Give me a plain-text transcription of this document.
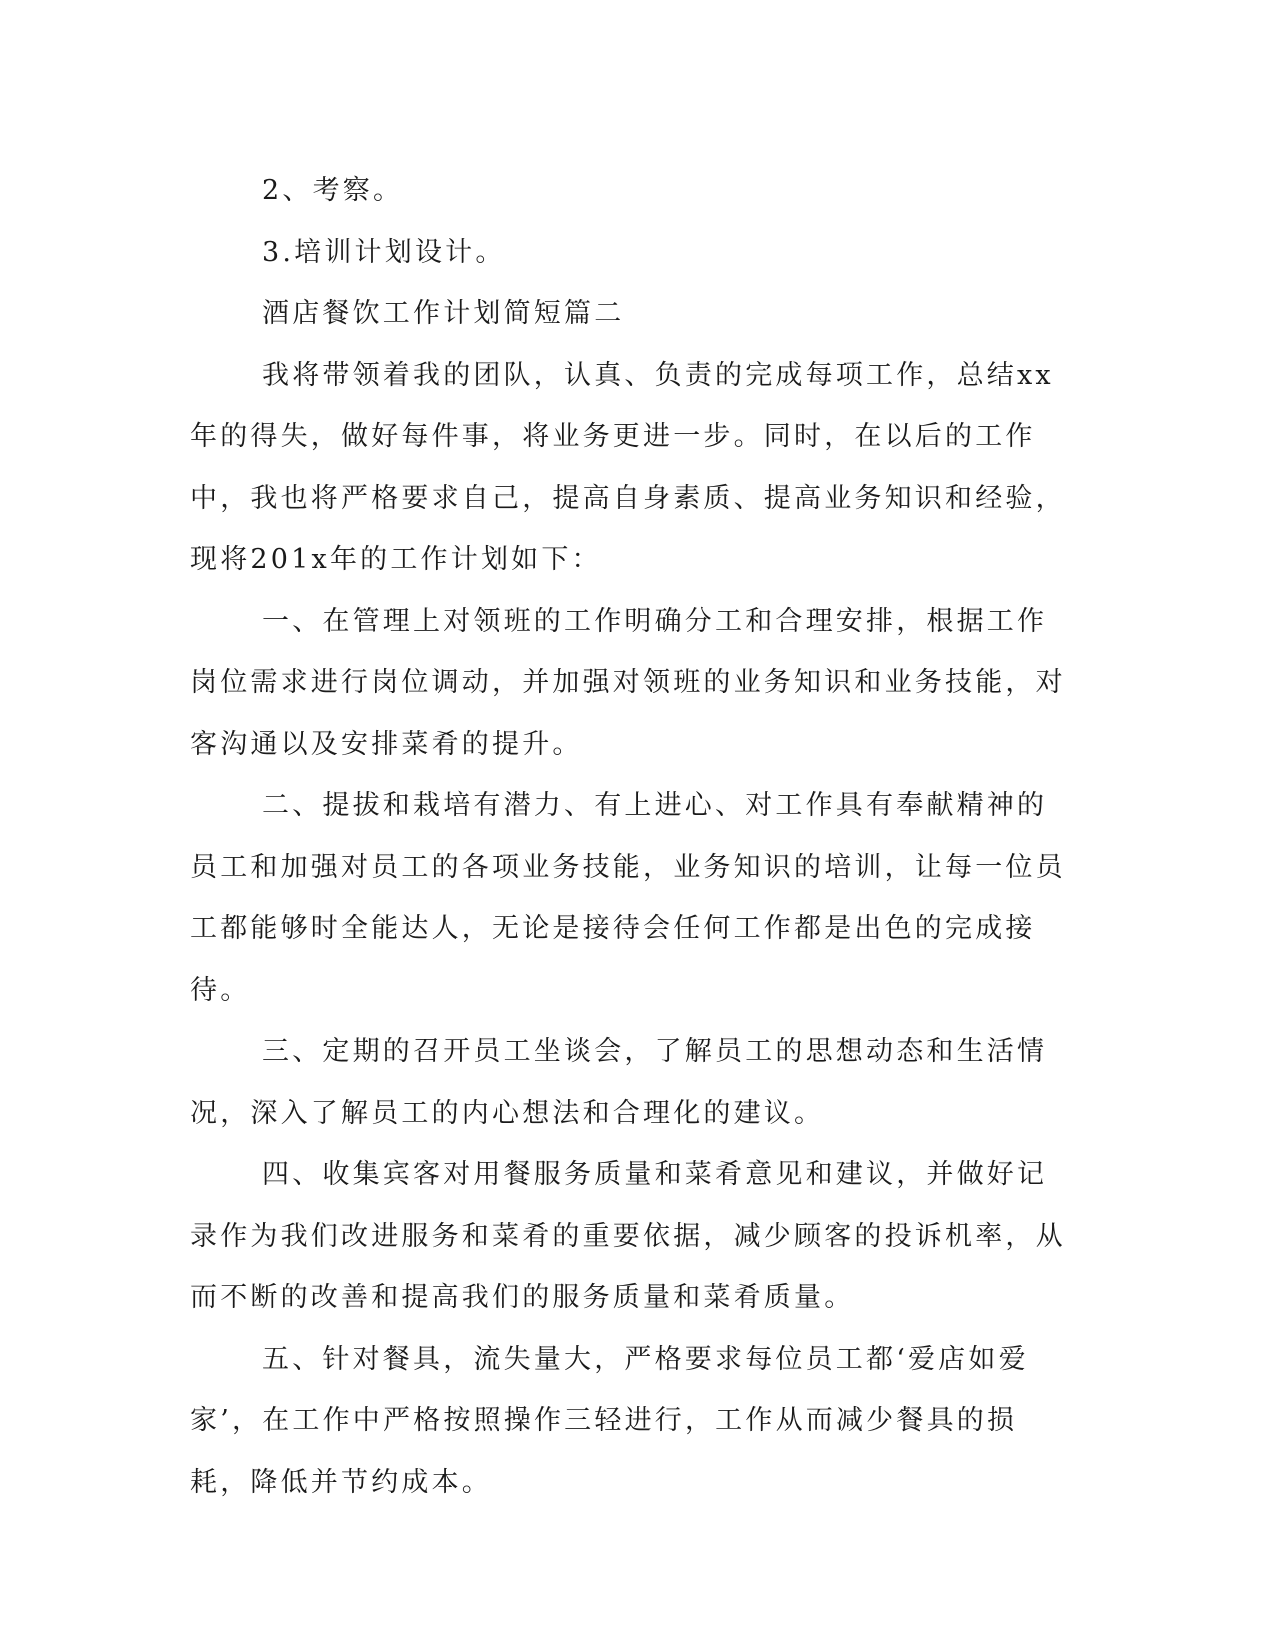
2、考察。

3.培训计划设计。

酒店餐饮工作计划简短篇二

我将带领着我的团队，认真、负责的完成每项工作，总结xx年的得失，做好每件事，将业务更进一步。同时，在以后的工作中，我也将严格要求自己，提高自身素质、提高业务知识和经验，现将201x年的工作计划如下：

一、在管理上对领班的工作明确分工和合理安排，根据工作岗位需求进行岗位调动，并加强对领班的业务知识和业务技能，对客沟通以及安排菜肴的提升。

二、提拔和栽培有潜力、有上进心、对工作具有奉献精神的员工和加强对员工的各项业务技能，业务知识的培训，让每一位员工都能够时全能达人，无论是接待会任何工作都是出色的完成接待。

三、定期的召开员工坐谈会，了解员工的思想动态和生活情况，深入了解员工的内心想法和合理化的建议。

四、收集宾客对用餐服务质量和菜肴意见和建议，并做好记录作为我们改进服务和菜肴的重要依据，减少顾客的投诉机率，从而不断的改善和提高我们的服务质量和菜肴质量。

五、针对餐具，流失量大，严格要求每位员工都‘爱店如爱家’，在工作中严格按照操作三轻进行，工作从而减少餐具的损耗，降低并节约成本。
